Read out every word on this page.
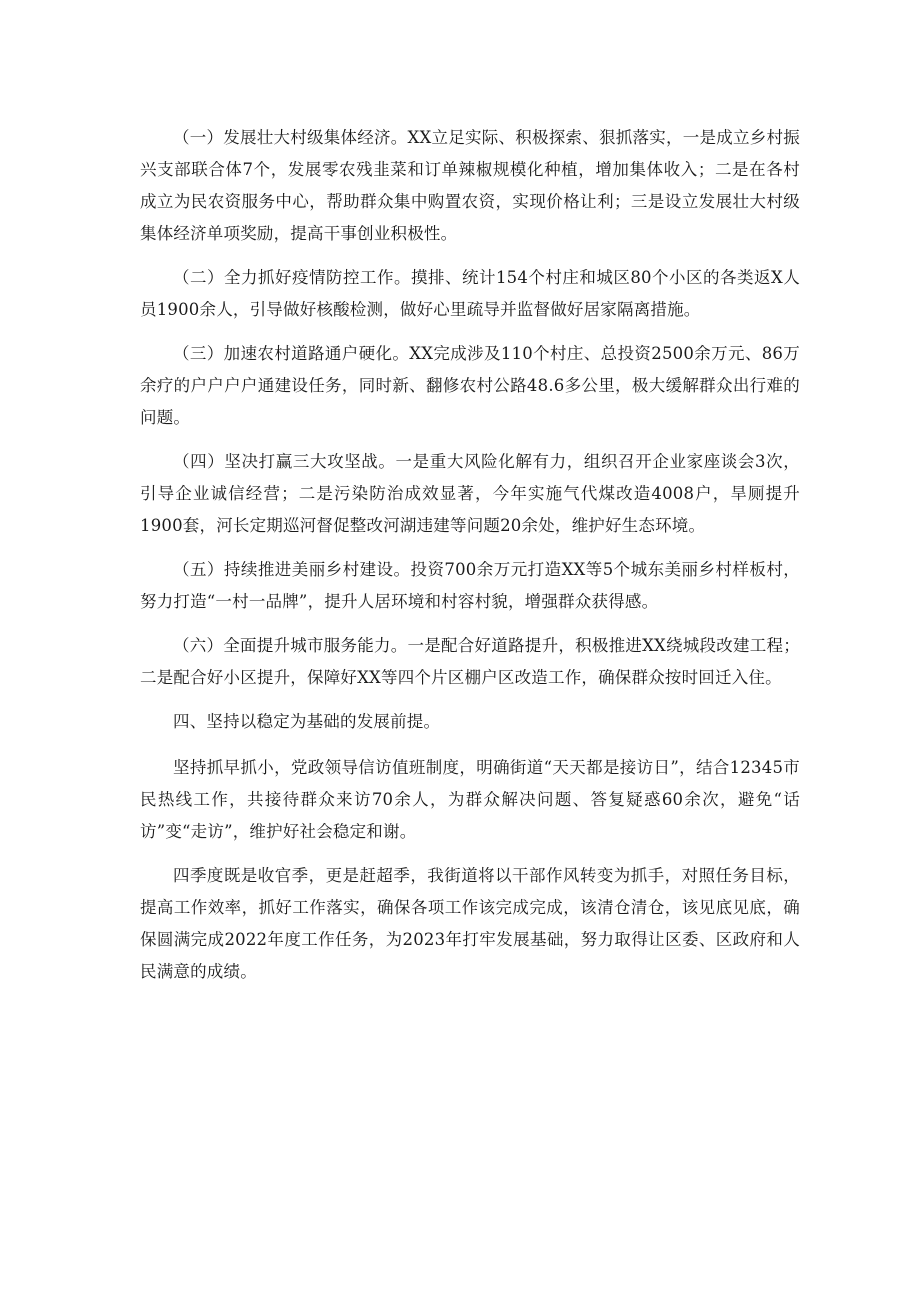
（一）发展壮大村级集体经济。XX立足实际、积极探索、狠抓落实，一是成立乡村振兴支部联合体7个，发展零农残韭菜和订单辣椒规模化种植，增加集体收入；二是在各村成立为民农资服务中心，帮助群众集中购置农资，实现价格让利；三是设立发展壮大村级集体经济单项奖励，提高干事创业积极性。

（二）全力抓好疫情防控工作。摸排、统计154个村庄和城区80个小区的各类返X人员1900余人，引导做好核酸检测，做好心里疏导并监督做好居家隔离措施。

（三）加速农村道路通户硬化。XX完成涉及110个村庄、总投资2500余万元、86万余疗的户户户户通建设任务，同时新、翻修农村公路48.6多公里，极大缓解群众出行难的问题。

（四）坚决打赢三大攻坚战。一是重大风险化解有力，组织召开企业家座谈会3次，引导企业诚信经营；二是污染防治成效显著，今年实施气代煤改造4008户，旱厕提升1900套，河长定期巡河督促整改河湖违建等问题20余处，维护好生态环境。

（五）持续推进美丽乡村建设。投资700余万元打造XX等5个城东美丽乡村样板村，努力打造“一村一品牌”，提升人居环境和村容村貌，增强群众获得感。

（六）全面提升城市服务能力。一是配合好道路提升，积极推进XX绕城段改建工程；二是配合好小区提升，保障好XX等四个片区棚户区改造工作，确保群众按时回迁入住。

四、坚持以稳定为基础的发展前提。

坚持抓早抓小，党政领导信访值班制度，明确街道“天天都是接访日”，结合12345市民热线工作，共接待群众来访70余人，为群众解决问题、答复疑惑60余次，避免“话访”变“走访”，维护好社会稳定和谢。

四季度既是收官季，更是赶超季，我街道将以干部作风转变为抓手，对照任务目标，提高工作效率，抓好工作落实，确保各项工作该完成完成，该清仓清仓，该见底见底，确保圆满完成2022年度工作任务，为2023年打牢发展基础，努力取得让区委、区政府和人民满意的成绩。
